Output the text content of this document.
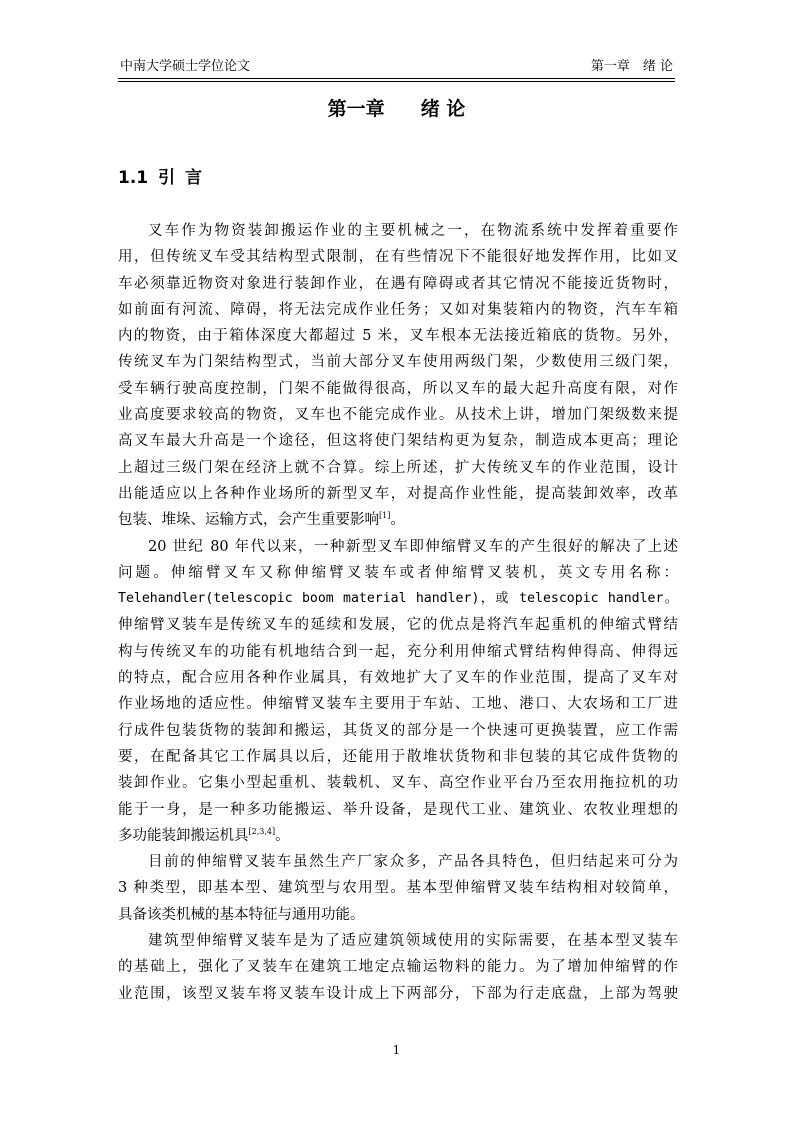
中南大学硕士学位论文	第一章　绪 论
第一章 绪 论
1.1 引 言
叉车作为物资装卸搬运作业的主要机械之一，在物流系统中发挥着重要作
用，但传统叉车受其结构型式限制，在有些情况下不能很好地发挥作用，比如叉
车必须靠近物资对象进行装卸作业，在遇有障碍或者其它情况不能接近货物时，
如前面有河流、障碍，将无法完成作业任务；又如对集装箱内的物资，汽车车箱
内的物资，由于箱体深度大都超过 5 米，叉车根本无法接近箱底的货物。另外，
传统叉车为门架结构型式，当前大部分叉车使用两级门架，少数使用三级门架，
受车辆行驶高度控制，门架不能做得很高，所以叉车的最大起升高度有限，对作
业高度要求较高的物资，叉车也不能完成作业。从技术上讲，增加门架级数来提
高叉车最大升高是一个途径，但这将使门架结构更为复杂，制造成本更高；理论
上超过三级门架在经济上就不合算。综上所述，扩大传统叉车的作业范围，设计
出能适应以上各种作业场所的新型叉车，对提高作业性能，提高装卸效率，改革
包装、堆垛、运输方式，会产生重要影响[1]。
20 世纪 80 年代以来，一种新型叉车即伸缩臂叉车的产生很好的解决了上述
问题。伸缩臂叉车又称伸缩臂叉装车或者伸缩臂叉装机，英文专用名称：
Telehandler(telescopic boom material handler)，或 telescopic handler。
伸缩臂叉装车是传统叉车的延续和发展，它的优点是将汽车起重机的伸缩式臂结
构与传统叉车的功能有机地结合到一起，充分利用伸缩式臂结构伸得高、伸得远
的特点，配合应用各种作业属具，有效地扩大了叉车的作业范围，提高了叉车对
作业场地的适应性。伸缩臂叉装车主要用于车站、工地、港口、大农场和工厂进
行成件包装货物的装卸和搬运，其货叉的部分是一个快速可更换装置，应工作需
要，在配备其它工作属具以后，还能用于散堆状货物和非包装的其它成件货物的
装卸作业。它集小型起重机、装载机、叉车、高空作业平台乃至农用拖拉机的功
能于一身，是一种多功能搬运、举升设备，是现代工业、建筑业、农牧业理想的
多功能装卸搬运机具[2,3,4]。
目前的伸缩臂叉装车虽然生产厂家众多，产品各具特色，但归结起来可分为
3 种类型，即基本型、建筑型与农用型。基本型伸缩臂叉装车结构相对较简单，
具备该类机械的基本特征与通用功能。
建筑型伸缩臂叉装车是为了适应建筑领域使用的实际需要，在基本型叉装车
的基础上，强化了叉装车在建筑工地定点输运物料的能力。为了增加伸缩臂的作
业范围，该型叉装车将叉装车设计成上下两部分，下部为行走底盘，上部为驾驶
1
